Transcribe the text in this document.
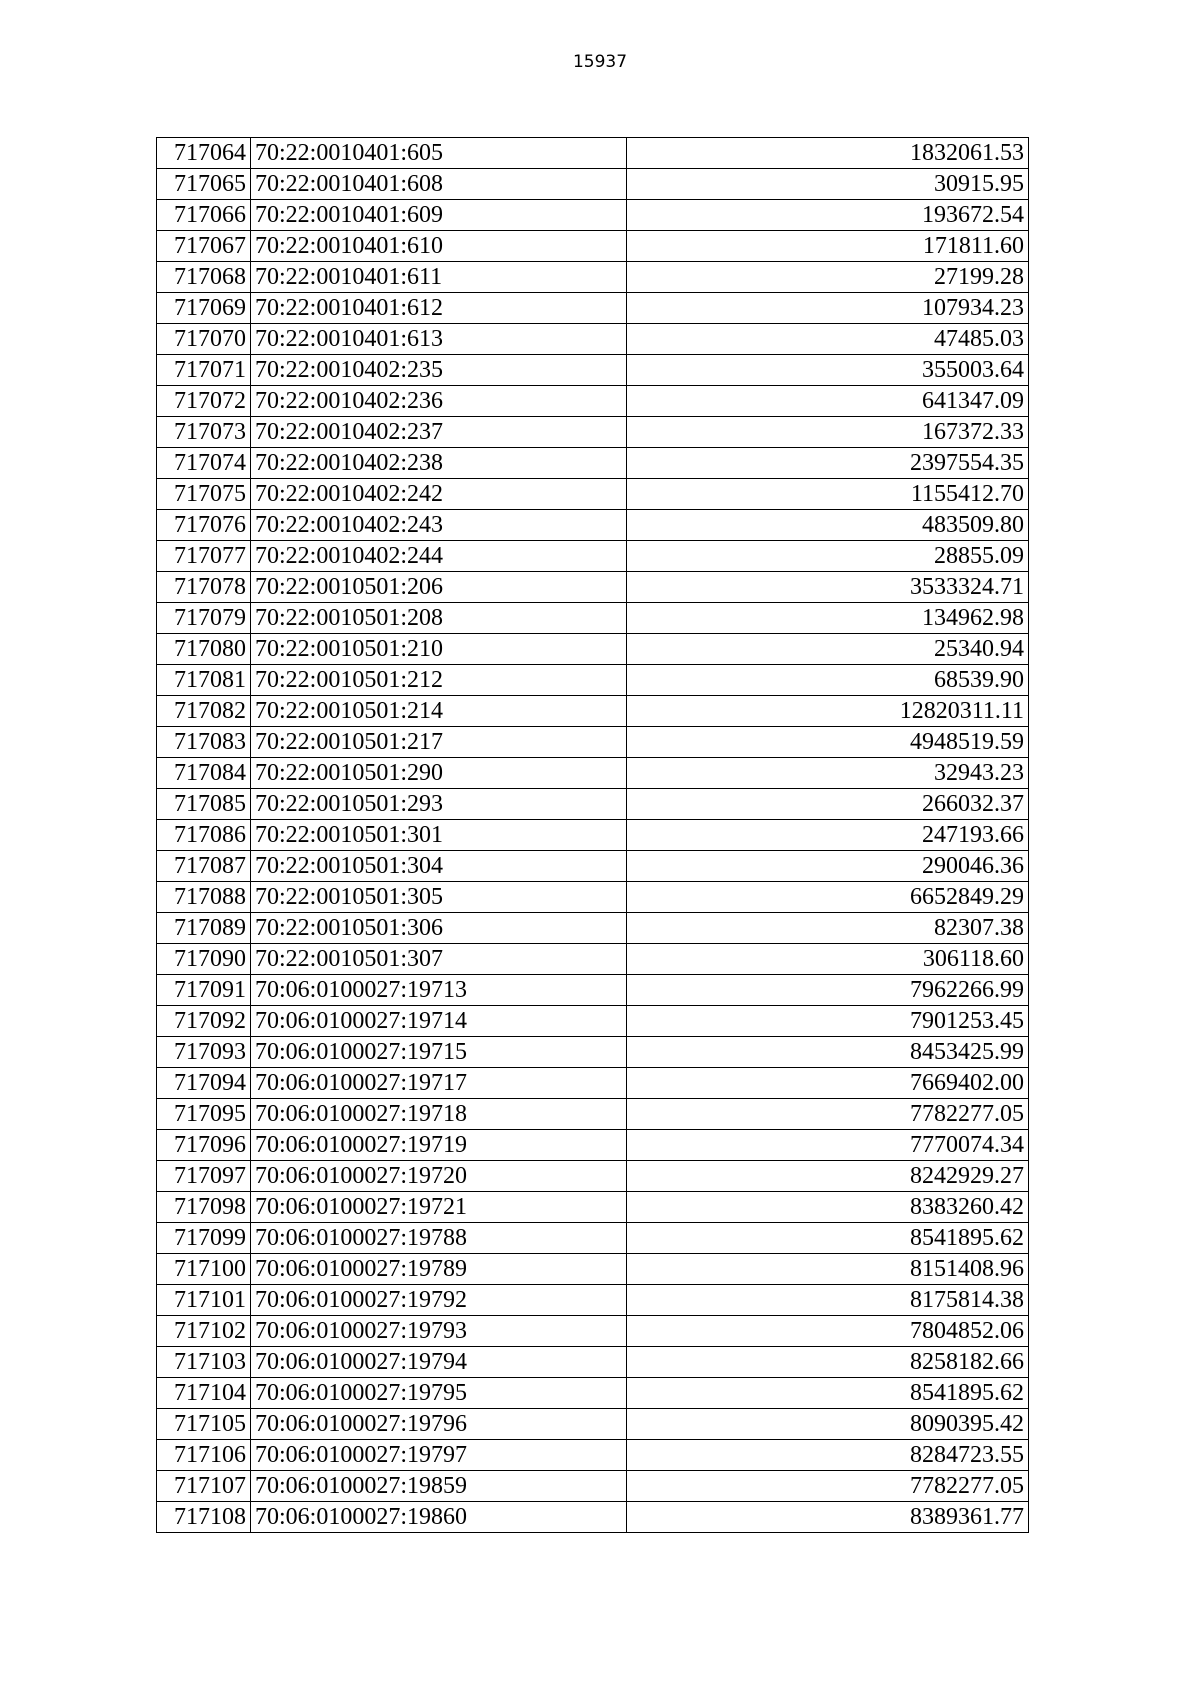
15937
717064	70:22:0010401:605	1832061.53
717065	70:22:0010401:608	30915.95
717066	70:22:0010401:609	193672.54
717067	70:22:0010401:610	171811.60
717068	70:22:0010401:611	27199.28
717069	70:22:0010401:612	107934.23
717070	70:22:0010401:613	47485.03
717071	70:22:0010402:235	355003.64
717072	70:22:0010402:236	641347.09
717073	70:22:0010402:237	167372.33
717074	70:22:0010402:238	2397554.35
717075	70:22:0010402:242	1155412.70
717076	70:22:0010402:243	483509.80
717077	70:22:0010402:244	28855.09
717078	70:22:0010501:206	3533324.71
717079	70:22:0010501:208	134962.98
717080	70:22:0010501:210	25340.94
717081	70:22:0010501:212	68539.90
717082	70:22:0010501:214	12820311.11
717083	70:22:0010501:217	4948519.59
717084	70:22:0010501:290	32943.23
717085	70:22:0010501:293	266032.37
717086	70:22:0010501:301	247193.66
717087	70:22:0010501:304	290046.36
717088	70:22:0010501:305	6652849.29
717089	70:22:0010501:306	82307.38
717090	70:22:0010501:307	306118.60
717091	70:06:0100027:19713	7962266.99
717092	70:06:0100027:19714	7901253.45
717093	70:06:0100027:19715	8453425.99
717094	70:06:0100027:19717	7669402.00
717095	70:06:0100027:19718	7782277.05
717096	70:06:0100027:19719	7770074.34
717097	70:06:0100027:19720	8242929.27
717098	70:06:0100027:19721	8383260.42
717099	70:06:0100027:19788	8541895.62
717100	70:06:0100027:19789	8151408.96
717101	70:06:0100027:19792	8175814.38
717102	70:06:0100027:19793	7804852.06
717103	70:06:0100027:19794	8258182.66
717104	70:06:0100027:19795	8541895.62
717105	70:06:0100027:19796	8090395.42
717106	70:06:0100027:19797	8284723.55
717107	70:06:0100027:19859	7782277.05
717108	70:06:0100027:19860	8389361.77
